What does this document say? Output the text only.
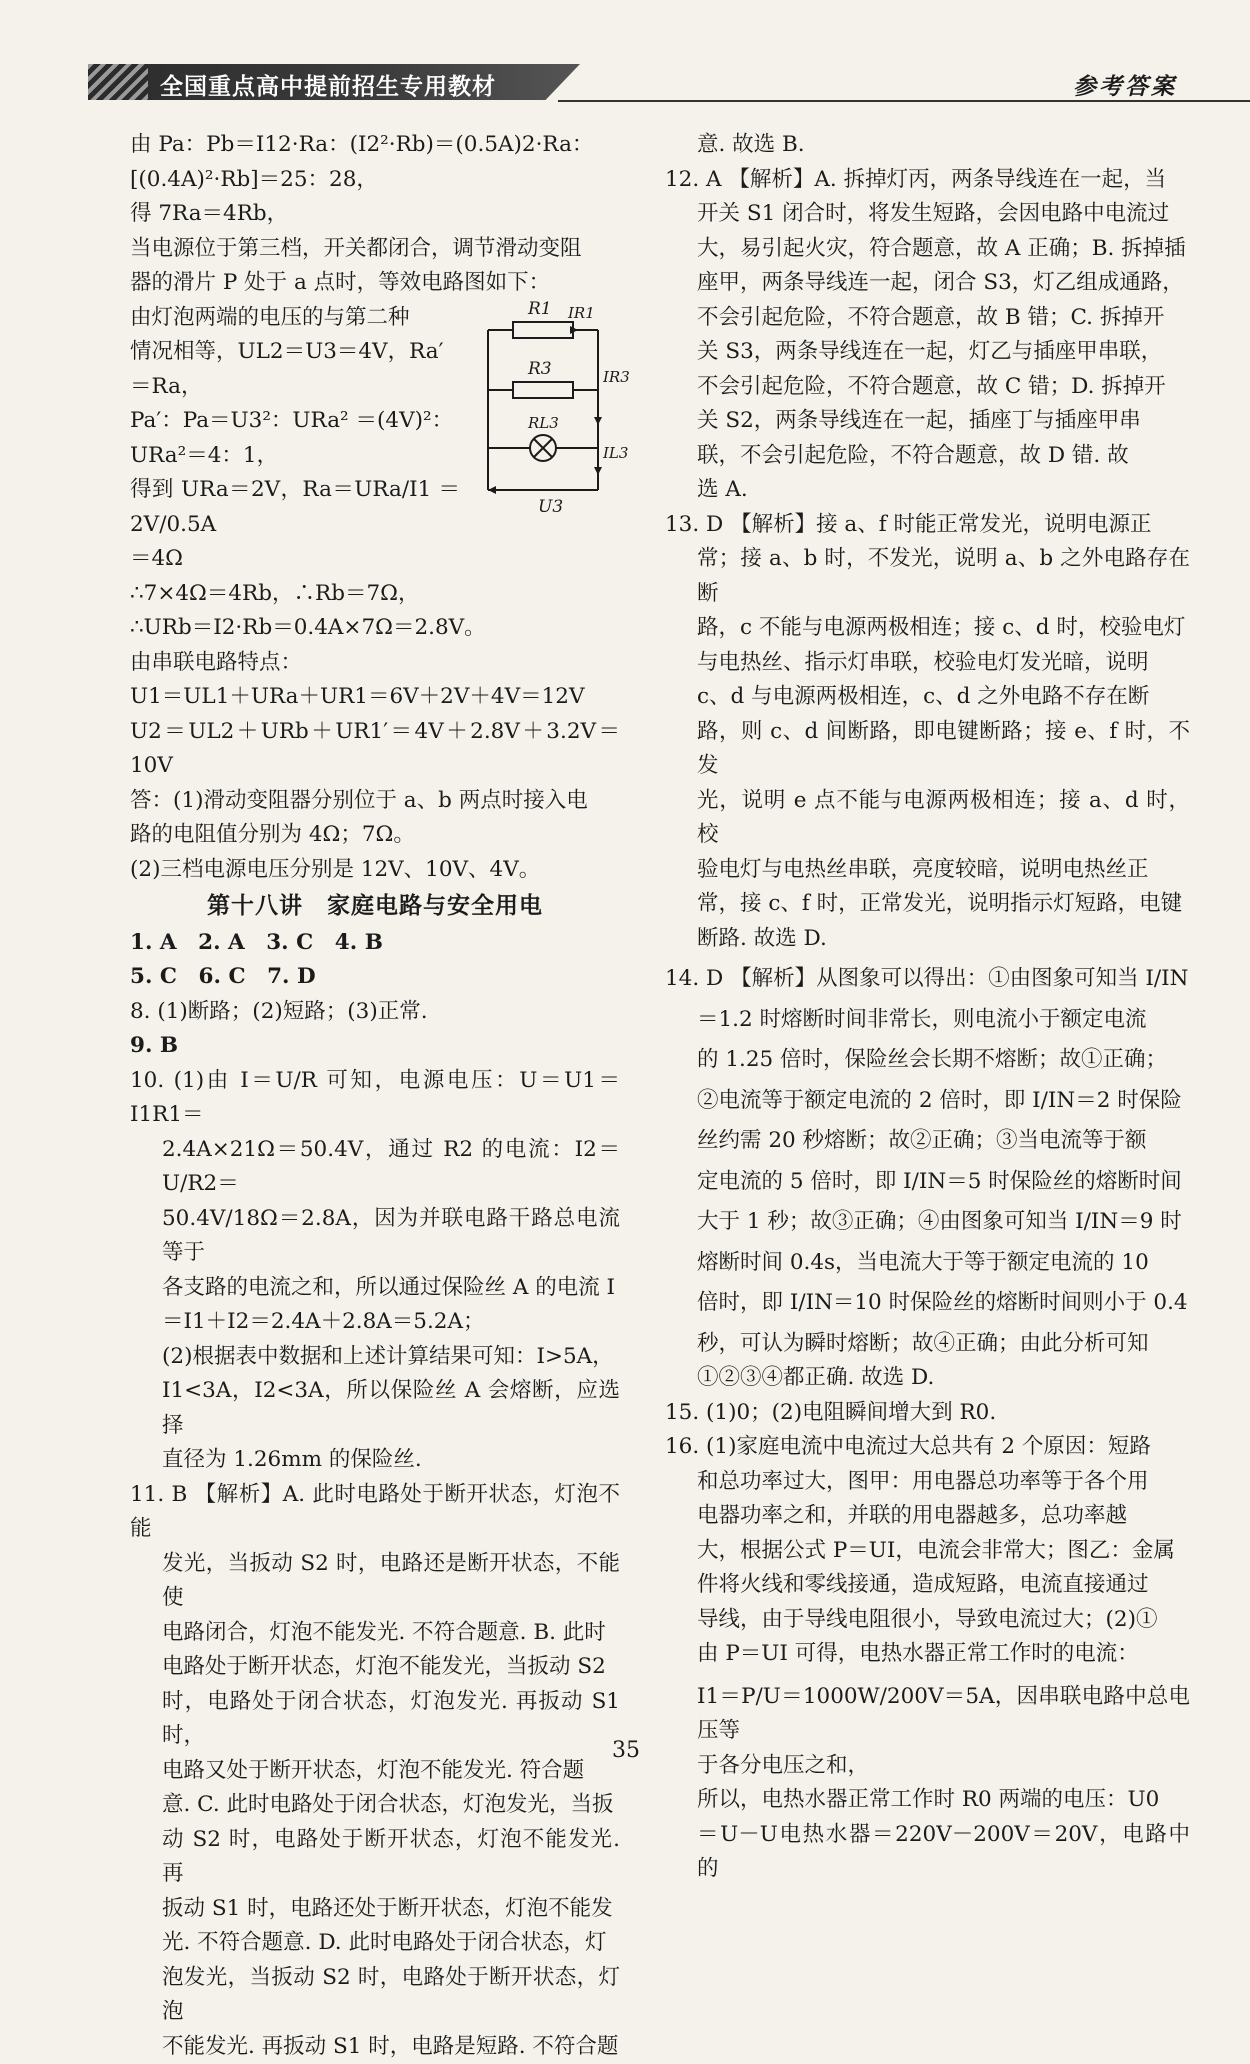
全国重点高中提前招生专用教材	参考答案

由 Pa：Pb＝I12·Ra：(I2²·Rb)＝(0.5A)2·Ra：

[(0.4A)²·Rb]＝25：28，

得 7Ra＝4Rb，

当电源位于第三档，开关都闭合，调节滑动变阻

器的滑片 P 处于 a 点时，等效电路图如下：

由灯泡两端的电压的与第二种

情况相等，UL2＝U3＝4V，Ra′

＝Ra，

Pa′：Pa＝U3²：URa² ＝(4V)²：

URa²＝4：1，

得到 URa＝2V，Ra＝URa/I1 ＝ 2V/0.5A

＝4Ω

∴7×4Ω＝4Rb，∴Rb＝7Ω，

∴URb＝I2·Rb＝0.4A×7Ω＝2.8V。

由串联电路特点：

U1＝UL1＋URa＋UR1＝6V＋2V＋4V＝12V

U2＝UL2＋URb＋UR1′＝4V＋2.8V＋3.2V＝10V

答：(1)滑动变阻器分别位于 a、b 两点时接入电

路的电阻值分别为 4Ω；7Ω。

(2)三档电源电压分别是 12V、10V、4V。

第十八讲　家庭电路与安全用电

1. A　2. A　3. C　4. B

5. C　6. C　7. D

8. (1)断路；(2)短路；(3)正常.

9. B

10. (1)由 I＝U/R 可知，电源电压：U＝U1＝I1R1＝

2.4A×21Ω＝50.4V，通过 R2 的电流：I2＝U/R2＝

50.4V/18Ω＝2.8A，因为并联电路干路总电流等于

各支路的电流之和，所以通过保险丝 A 的电流 I

＝I1＋I2＝2.4A＋2.8A＝5.2A；

(2)根据表中数据和上述计算结果可知：I>5A，

I1<3A，I2<3A，所以保险丝 A 会熔断，应选择

直径为 1.26mm 的保险丝.

11. B 【解析】A. 此时电路处于断开状态，灯泡不能

发光，当扳动 S2 时，电路还是断开状态，不能使

电路闭合，灯泡不能发光. 不符合题意. B. 此时

电路处于断开状态，灯泡不能发光，当扳动 S2

时，电路处于闭合状态，灯泡发光. 再扳动 S1 时，

电路又处于断开状态，灯泡不能发光. 符合题

意. C. 此时电路处于闭合状态，灯泡发光，当扳

动 S2 时，电路处于断开状态，灯泡不能发光. 再

扳动 S1 时，电路还处于断开状态，灯泡不能发

光. 不符合题意. D. 此时电路处于闭合状态，灯

泡发光，当扳动 S2 时，电路处于断开状态，灯泡

不能发光. 再扳动 S1 时，电路是短路. 不符合题

R1 IR1
R3	IR3
RL3
IL3
U3

意. 故选 B.

12. A 【解析】A. 拆掉灯丙，两条导线连在一起，当

开关 S1 闭合时，将发生短路，会因电路中电流过

大，易引起火灾，符合题意，故 A 正确；B. 拆掉插

座甲，两条导线连一起，闭合 S3，灯乙组成通路，

不会引起危险，不符合题意，故 B 错；C. 拆掉开

关 S3，两条导线连在一起，灯乙与插座甲串联，

不会引起危险，不符合题意，故 C 错；D. 拆掉开

关 S2，两条导线连在一起，插座丁与插座甲串

联，不会引起危险，不符合题意，故 D 错. 故

选 A.

13. D 【解析】接 a、f 时能正常发光，说明电源正

常；接 a、b 时，不发光，说明 a、b 之外电路存在断

路，c 不能与电源两极相连；接 c、d 时，校验电灯

与电热丝、指示灯串联，校验电灯发光暗，说明

c、d 与电源两极相连，c、d 之外电路不存在断

路，则 c、d 间断路，即电键断路；接 e、f 时，不发

光，说明 e 点不能与电源两极相连；接 a、d 时，校

验电灯与电热丝串联，亮度较暗，说明电热丝正

常，接 c、f 时，正常发光，说明指示灯短路，电键

断路. 故选 D.

14. D 【解析】从图象可以得出：①由图象可知当 I/IN

＝1.2 时熔断时间非常长，则电流小于额定电流

的 1.25 倍时，保险丝会长期不熔断；故①正确；

②电流等于额定电流的 2 倍时，即 I/IN＝2 时保险

丝约需 20 秒熔断；故②正确；③当电流等于额

定电流的 5 倍时，即 I/IN＝5 时保险丝的熔断时间

大于 1 秒；故③正确；④由图象可知当 I/IN＝9 时

熔断时间 0.4s，当电流大于等于额定电流的 10

倍时，即 I/IN＝10 时保险丝的熔断时间则小于 0.4

秒，可认为瞬时熔断；故④正确；由此分析可知

①②③④都正确. 故选 D.

15. (1)0；(2)电阻瞬间增大到 R0.

16. (1)家庭电流中电流过大总共有 2 个原因：短路

和总功率过大，图甲：用电器总功率等于各个用

电器功率之和，并联的用电器越多，总功率越

大，根据公式 P＝UI，电流会非常大；图乙：金属

件将火线和零线接通，造成短路，电流直接通过

导线，由于导线电阻很小，导致电流过大；(2)①

由 P＝UI 可得，电热水器正常工作时的电流：

I1＝P/U＝1000W/200V＝5A，因串联电路中总电压等

于各分电压之和，

所以，电热水器正常工作时 R0 两端的电压：U0

＝U－U电热水器＝220V－200V＝20V，电路中的

35
